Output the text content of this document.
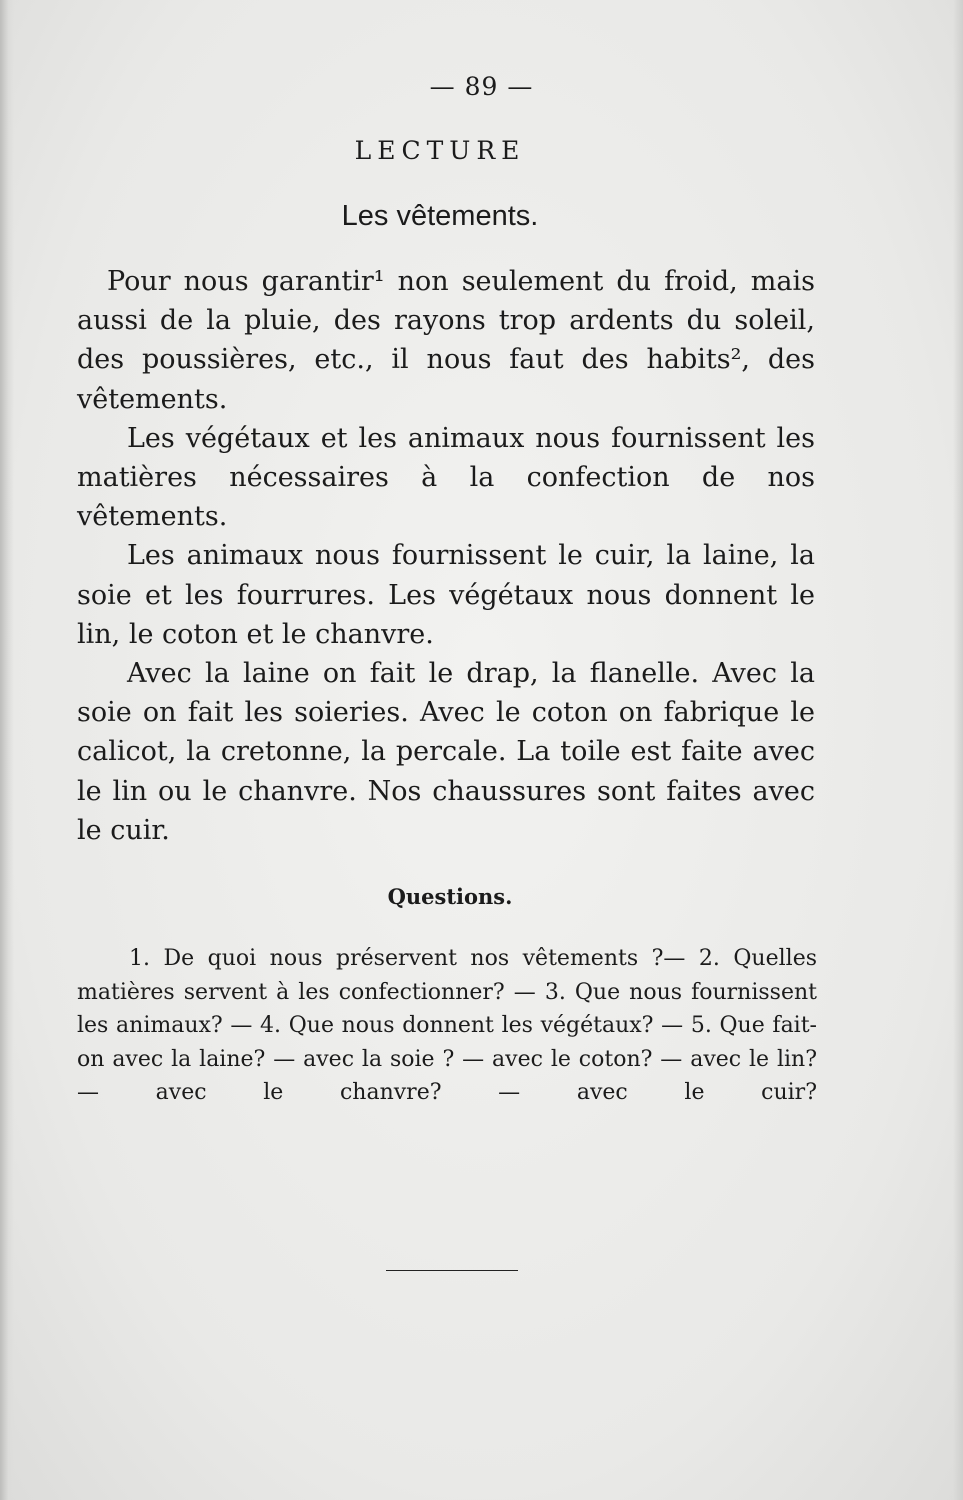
— 89 —
LECTURE
Les vêtements.

Pour nous garantir¹ non seulement du froid, mais aussi de la pluie, des rayons trop ardents du soleil, des poussières, etc., il nous faut des habits², des vêtements.

Les végétaux et les animaux nous fournissent les matières nécessaires à la confection de nos vêtements.

Les animaux nous fournissent le cuir, la laine, la soie et les fourrures. Les végétaux nous donnent le lin, le coton et le chanvre.

Avec la laine on fait le drap, la flanelle. Avec la soie on fait les soieries. Avec le coton on fabrique le calicot, la cretonne, la percale. La toile est faite avec le lin ou le chanvre. Nos chaussures sont faites avec le cuir.

Questions.

1. De quoi nous préservent nos vêtements ?— 2. Quelles matières servent à les confectionner? — 3. Que nous fournissent les animaux? — 4. Que nous donnent les végétaux? — 5. Que fait-on avec la laine? — avec la soie ? — avec le coton? — avec le lin? — avec le chanvre? — avec le cuir?
